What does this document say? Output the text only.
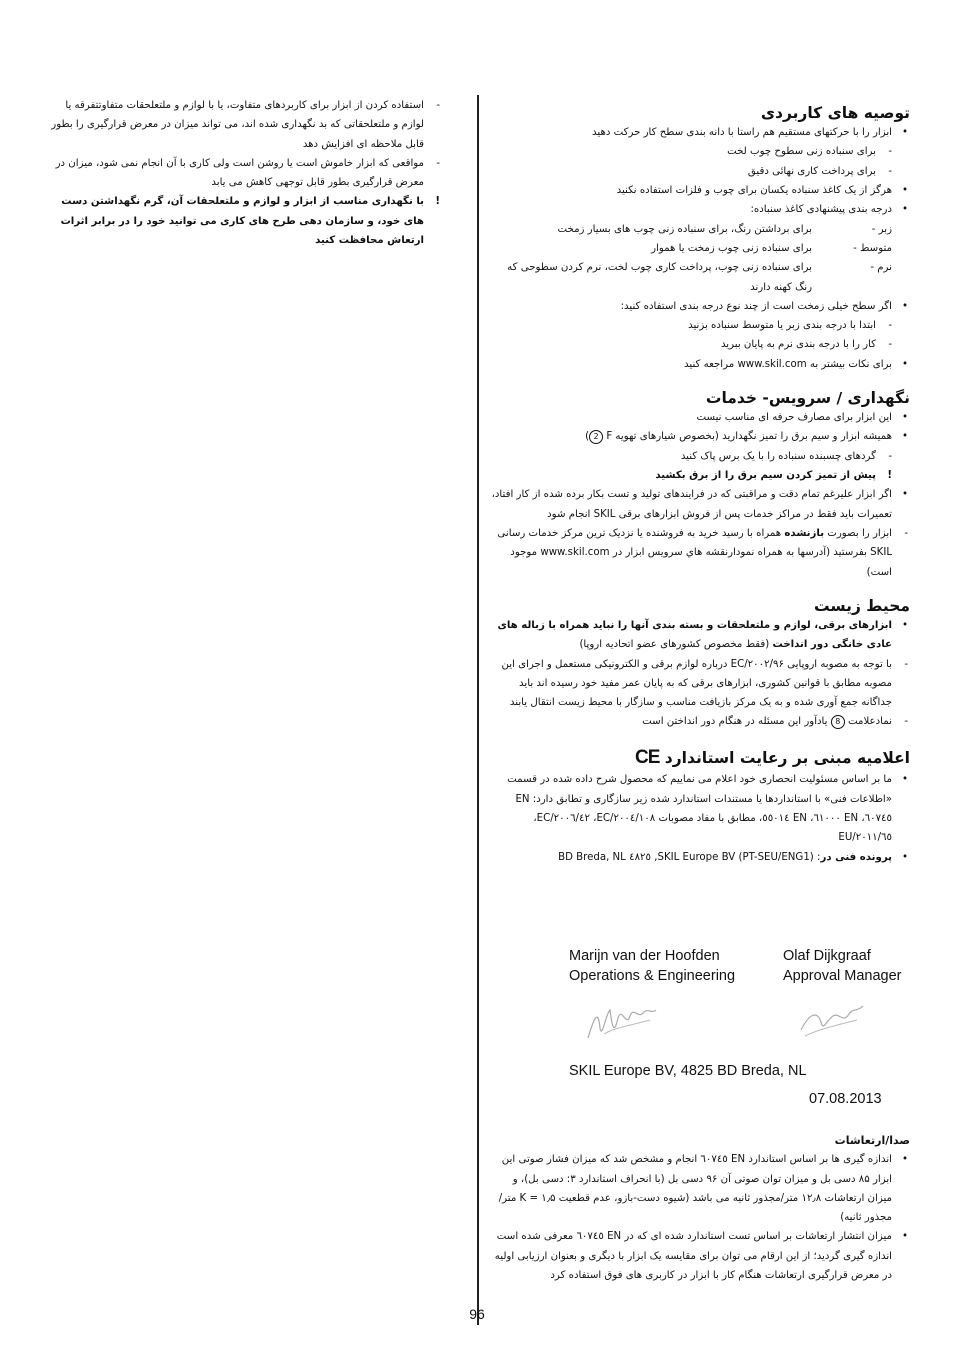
-
استفاده کردن از ابزار برای کاربردهای متفاوت، یا با لوازم و ملتعلحقات متفاوتتفرقه یا لوازم و ملتعلحقاتی که بد نگهداری شده اند، می تواند میزان در معرض قرارگیری را بطور قابل ملاحظه ای افزایش دهد
-
مواقعی که ابزار خاموش است یا روشن است ولی کاری با آن انجام نمی شود، میزان در معرض قرارگیری بطور قابل توجهی کاهش می یابد
!
با نگهداری مناسب از ابزار و لوازم و ملتعلحقات آن، گرم نگهداشتن دست های خود، و سازمان دهی طرح های کاری می توانید خود را در برابر اثرات ارتعاش محافظت کنید
توصیه های کاربردی
•
ابزار را با حرکتهای مستقیم هم راستا با دانه بندی سطح کار حرکت دهید
-
برای سنباده زنی سطوح چوب لخت
-
برای پرداخت کاری نهائی دقیق
•
هرگز از یک کاغذ سنباده یکسان برای چوب و فلزات استفاده نکنید
•
درجه بندی پیشنهادی کاغذ سنباده:
زبر -
برای برداشتن رنگ، برای سنباده زنی چوب های بسیار زمخت
متوسط -
برای سنباده زنی چوب زمخت یا هموار
نرم -
برای سنباده زنی چوب، پرداخت کاری چوب لخت، نرم کردن سطوحی که رنگ کهنه دارند
•
اگر سطح خیلی زمخت است از چند نوع درجه بندی استفاده کنید:
-
ابتدا با درجه بندی زبر یا متوسط سنباده بزنید
-
کار را با درجه بندی نرم به پایان ببرید
•
برای نکات بیشتر به www.skil.com مراجعه کنید
نگهداری / سرویس- خدمات
•
این ابزار برای مصارف حرفه ای مناسب نیست
•
همیشه ابزار و سیم برق را تمیز نگهدارید (بخصوص شیارهای تهویه F 2)
-
گردهای چسبنده سنباده را با یک برس پاک کنید
!
پیش از تمیز کردن سیم برق را از برق بکشید
•
اگر ابزار علیرغم تمام دقت و مراقبتی که در فرایندهای تولید و تست بکار برده شده از کار افتاد، تعمیرات باید فقط در مراکز خدمات پس از فروش ابزارهای برقی SKIL انجام شود
-
ابزار را بصورت بازنشده همراه با رسید خرید به فروشنده یا نزدیک ترین مرکز خدمات رسانی SKIL بفرستید (آدرسها به همراه نمودارنقشه هاي سرويس ابزار در www.skil.com موجود است)
محیط زیست
•
ابزارهای برقی، لوازم و ملتعلحقات و بسته بندی آنها را نباید همراه با زباله های عادی خانگی دور انداخت (فقط مخصوص کشورهای عضو اتحادیه اروپا)
-
با توجه به مصوبه اروپایی ۲۰۰۲/۹۶/EC درباره لوازم برقی و الکترونیکی مستعمل و اجرای این مصوبه مطابق با قوانین کشوری، ابزارهای برقی که به پایان عمر مفید خود رسیده اند باید جداگانه جمع آوری شده و به یک مرکز بازیافت مناسب و سازگار با محیط زیست انتقال یابند
-
نمادعلامت 8 یادآور این مسئله در هنگام دور انداختن است
اعلامیه مبنی بر رعایت استاندارد CE
•
ما بر اساس مسئولیت انحصاری خود اعلام می نماییم که محصول شرح داده شده در قسمت «اطلاعات فنی» با استانداردها یا مستندات استاندارد شده زیر سازگاری و تطابق دارد: EN ٦٠٧٤٥، EN ٦١٠٠٠، EN ٥٥٠١٤، مطابق با مفاد مصوبات ٢٠٠٤/١٠٨/EC، ٢٠٠٦/٤٢/EC، ٢٠١١/٦٥/EU
•
پرونده فنی در: SKIL Europe BV (PT-SEU/ENG1), ٤٨٢٥ BD Breda, NL
Marijn van der Hoofden
Operations & Engineering
Olaf Dijkgraaf
Approval Manager
SKIL Europe BV, 4825 BD Breda, NL
07.08.2013
صدا/ارتعاشات
•
اندازه گیری ها بر اساس استاندارد EN ٦٠٧٤٥ انجام و مشخص شد که میزان فشار صوتی این ابزار ۸۵ دسی بل و میزان توان صوتی آن ۹۶ دسی بل (با انحراف استاندارد ۳: دسی بل)، و میزان ارتعاشات ۱۲٫۸ متر/مجذور ثانیه می باشد (شیوه دست-بازو، عدم قطعیت K = ۱٫۵ متر/مجذور ثانیه)
•
میزان انتشار ارتعاشات بر اساس تست استاندارد شده ای که در EN ٦٠٧٤٥ معرفی شده است اندازه گیری گردید؛ از این ارقام می توان برای مقایسه یک ابزار با دیگری و بعنوان ارزیابی اولیه در معرض قرارگیری ارتعاشات هنگام کار با ابزار در کاربری های فوق استفاده کرد
96
